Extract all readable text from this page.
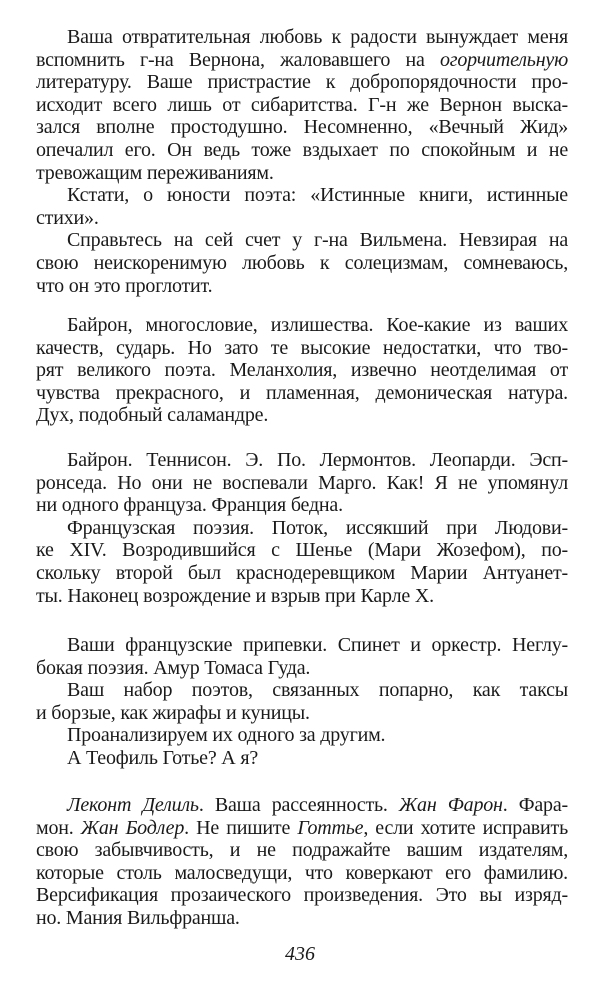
Ваша отвратительная любовь к радости вынуждает меня
вспомнить г-на Вернона, жаловавшего на огорчительную
литературу. Ваше пристрастие к добропорядочности про-
исходит всего лишь от сибаритства. Г-н же Вернон выска-
зался вполне простодушно. Несомненно, «Вечный Жид»
опечалил его. Он ведь тоже вздыхает по спокойным и не
тревожащим переживаниям.
Кстати, о юности поэта: «Истинные книги, истинные
стихи».
Справьтесь на сей счет у г-на Вильмена. Невзирая на
свою неискоренимую любовь к солецизмам, сомневаюсь,
что он это проглотит.
Байрон, многословие, излишества. Кое-какие из ваших
качеств, сударь. Но зато те высокие недостатки, что тво-
рят великого поэта. Меланхолия, извечно неотделимая от
чувства прекрасного, и пламенная, демоническая натура.
Дух, подобный саламандре.
Байрон. Теннисон. Э. По. Лермонтов. Леопарди. Эсп-
ронседа. Но они не воспевали Марго. Как! Я не упомянул
ни одного француза. Франция бедна.
Французская поэзия. Поток, иссякший при Людови-
ке XIV. Возродившийся с Шенье (Мари Жозефом), по-
скольку второй был краснодеревщиком Марии Антуанет-
ты. Наконец возрождение и взрыв при Карле X.
Ваши французские припевки. Спинет и оркестр. Неглу-
бокая поэзия. Амур Томаса Гуда.
Ваш набор поэтов, связанных попарно, как таксы
и борзые, как жирафы и куницы.
Проанализируем их одного за другим.
А Теофиль Готье? А я?
Леконт Делиль. Ваша рассеянность. Жан Фарон. Фара-
мон. Жан Бодлер. Не пишите Готтье, если хотите исправить
свою забывчивость, и не подражайте вашим издателям,
которые столь малосведущи, что коверкают его фамилию.
Версификация прозаического произведения. Это вы изряд-
но. Мания Вильфранша.
436
